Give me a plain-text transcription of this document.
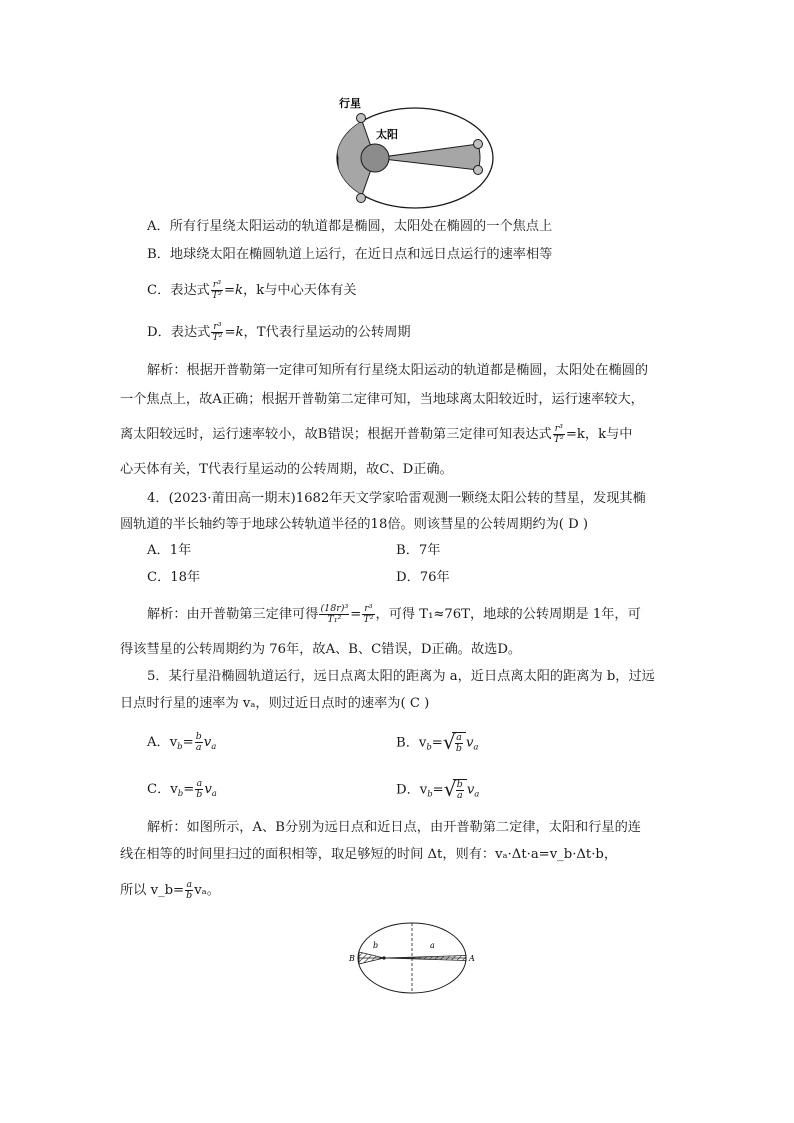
行星
太阳
A．所有行星绕太阳运动的轨道都是椭圆，太阳处在椭圆的一个焦点上
B．地球绕太阳在椭圆轨道上运行，在近日点和远日点运行的速率相等
C．表达式 $\frac{\text{r³}}{\text{T²}} =k$，k与中心天体有关
D．表达式 $\frac{\text{r³}}{\text{T²}} =k$，T代表行星运动的公转周期
解析：根据开普勒第一定律可知所有行星绕太阳运动的轨道都是椭圆，太阳处在椭圆的
一个焦点上，故A正确；根据开普勒第二定律可知，当地球离太阳较近时，运行速率较大，
离太阳较远时，运行速率较小，故B错误；根据开普勒第三定律可知表达式 $\frac{\text{r³}}{\text{T²}} =k$，k与中
心天体有关，T代表行星运动的公转周期，故C、D正确。
4．(2023·莆田高一期末)1682年天文学家哈雷观测一颗绕太阳公转的彗星，发现其椭
圆轨道的半长轴约等于地球公转轨道半径的18倍。则该彗星的公转周期约为( D )
A．1年	B．7年
C．18年	D．76年
解析：由开普勒第三定律可得 $\frac{\text{(18r)³}}{\text{T₁²}} = \frac{\text{r³}}{\text{T²}}$ ，可得 T₁≈76T，地球的公转周期是 1年，可
得该彗星的公转周期约为 76年，故A、B、C错误，D正确。故选D。
5．某行星沿椭圆轨道运行，远日点离太阳的距离为 a，近日点离太阳的距离为 b，过远
日点时行星的速率为 vₐ，则过近日点时的速率为( C )
A．$v_b= \frac{b}{a} v_a$	B．$v_b=$ √ $\frac{a}{b} v_a$
C．$v_b= \frac{a}{b} v_a$	D．$v_b=$ √ $\frac{b}{a} v_a$
解析：如图所示，A、B分别为远日点和近日点，由开普勒第二定律，太阳和行星的连
线在相等的时间里扫过的面积相等，取足够短的时间 Δt，则有：vₐ·Δt·a=v_b·Δt·b，
所以 v_b= $\frac{a}{b}$ vₐ。
B	A
b	a
